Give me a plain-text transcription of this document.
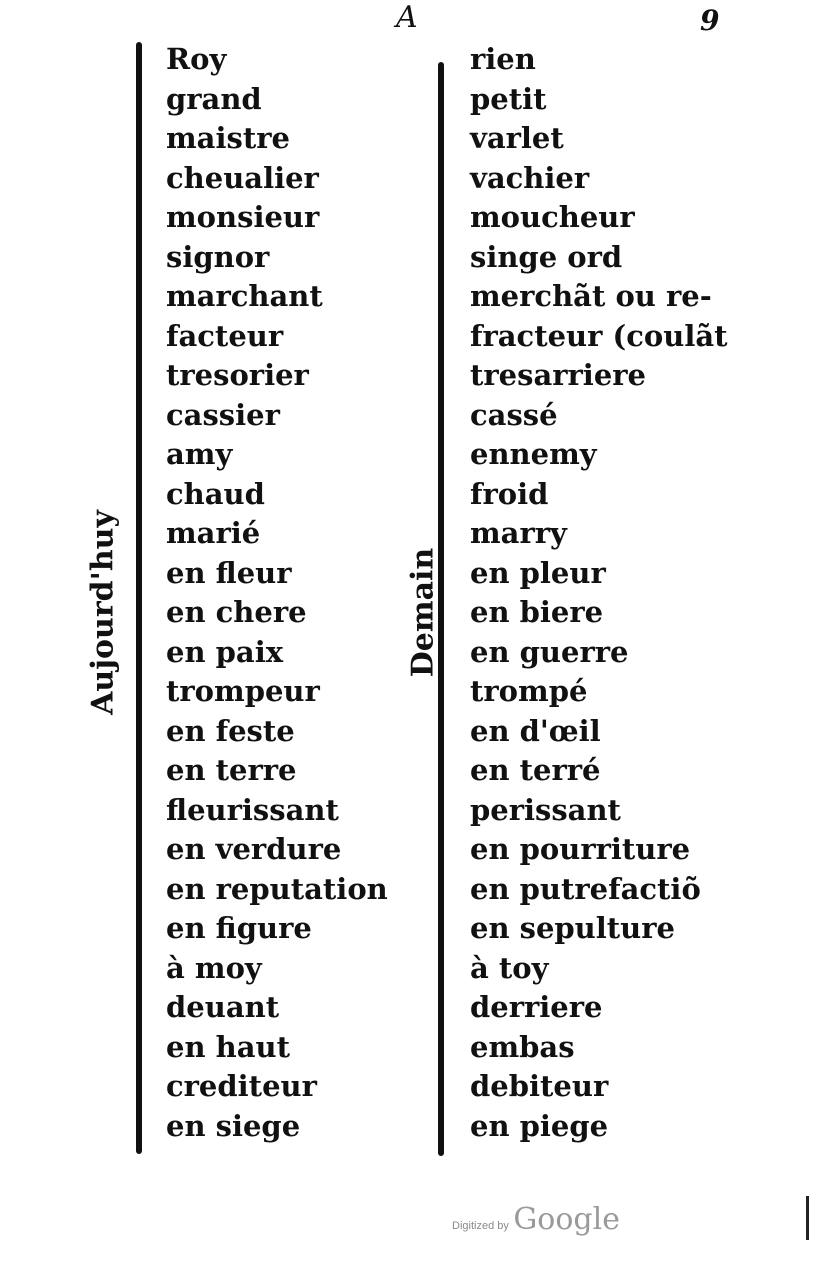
A	9
Aujourd'huy	Demain
Roy
grand
maistre
cheualier
monsieur
signor
marchant
facteur
tresorier
cassier
amy
chaud
marié
en fleur
en chere
en paix
trompeur
en feste
en terre
fleurissant
en verdure
en reputation
en figure
à moy
deuant
en haut
crediteur
en siege
rien
petit
varlet
vachier
moucheur
singe ord
merchãt ou re-
fracteur (coulãt
tresarriere
cassé
ennemy
froid
marry
en pleur
en biere
en guerre
trompé
en d'œil
en terré
perissant
en pourriture
en putrefactiõ
en sepulture
à toy
derriere
embas
debiteur
en piege
Digitized by Google
